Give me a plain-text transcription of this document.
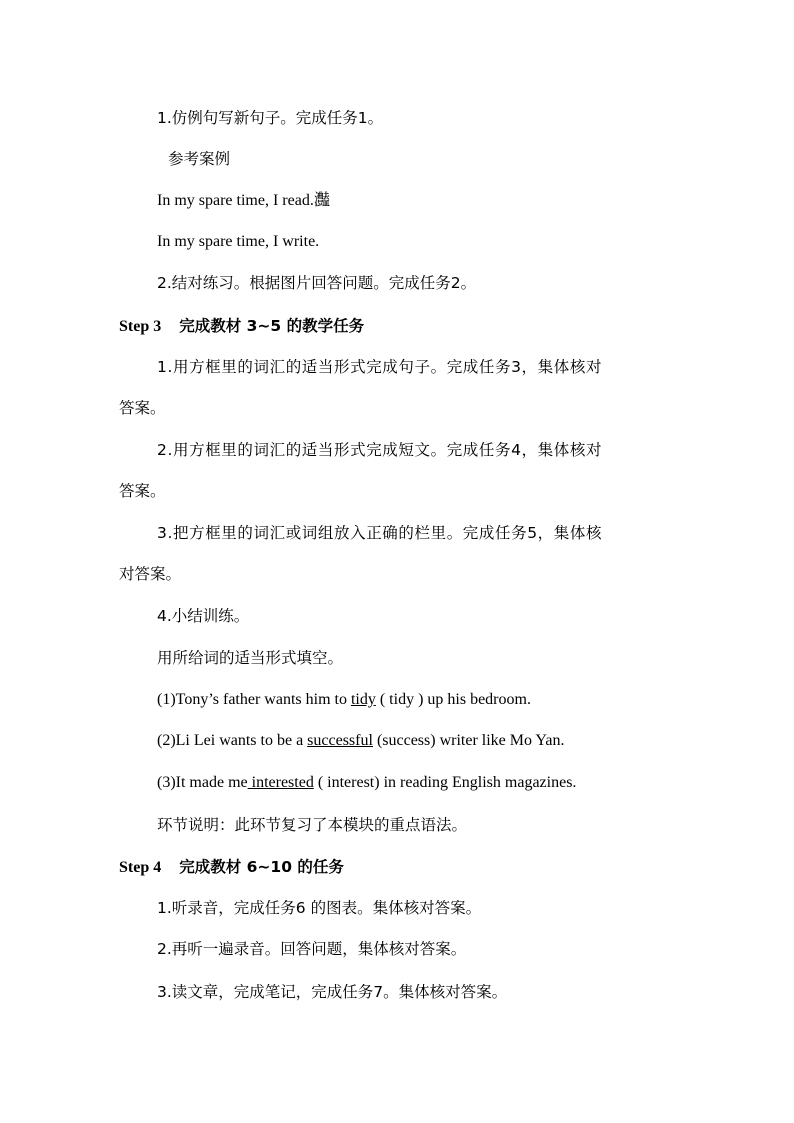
1.仿例句写新句子。完成任务1。
参考案例
In my spare time, I read.灎
In my spare time, I write.
2.结对练习。根据图片回答问题。完成任务2。
Step 3 完成教材 3~5 的教学任务
1.用方框里的词汇的适当形式完成句子。完成任务3，集体核对
答案。
2.用方框里的词汇的适当形式完成短文。完成任务4，集体核对
答案。
3.把方框里的词汇或词组放入正确的栏里。完成任务5，集体核
对答案。
4.小结训练。
用所给词的适当形式填空。
(1)Tony’s father wants him to tidy ( tidy ) up his bedroom.
(2)Li Lei wants to be a successful (success) writer like Mo Yan.
(3)It made me interested ( interest) in reading English magazines.
环节说明：此环节复习了本模块的重点语法。
Step 4 完成教材 6~10 的任务
1.听录音，完成任务6 的图表。集体核对答案。
2.再听一遍录音。回答问题，集体核对答案。
3.读文章，完成笔记，完成任务7。集体核对答案。
